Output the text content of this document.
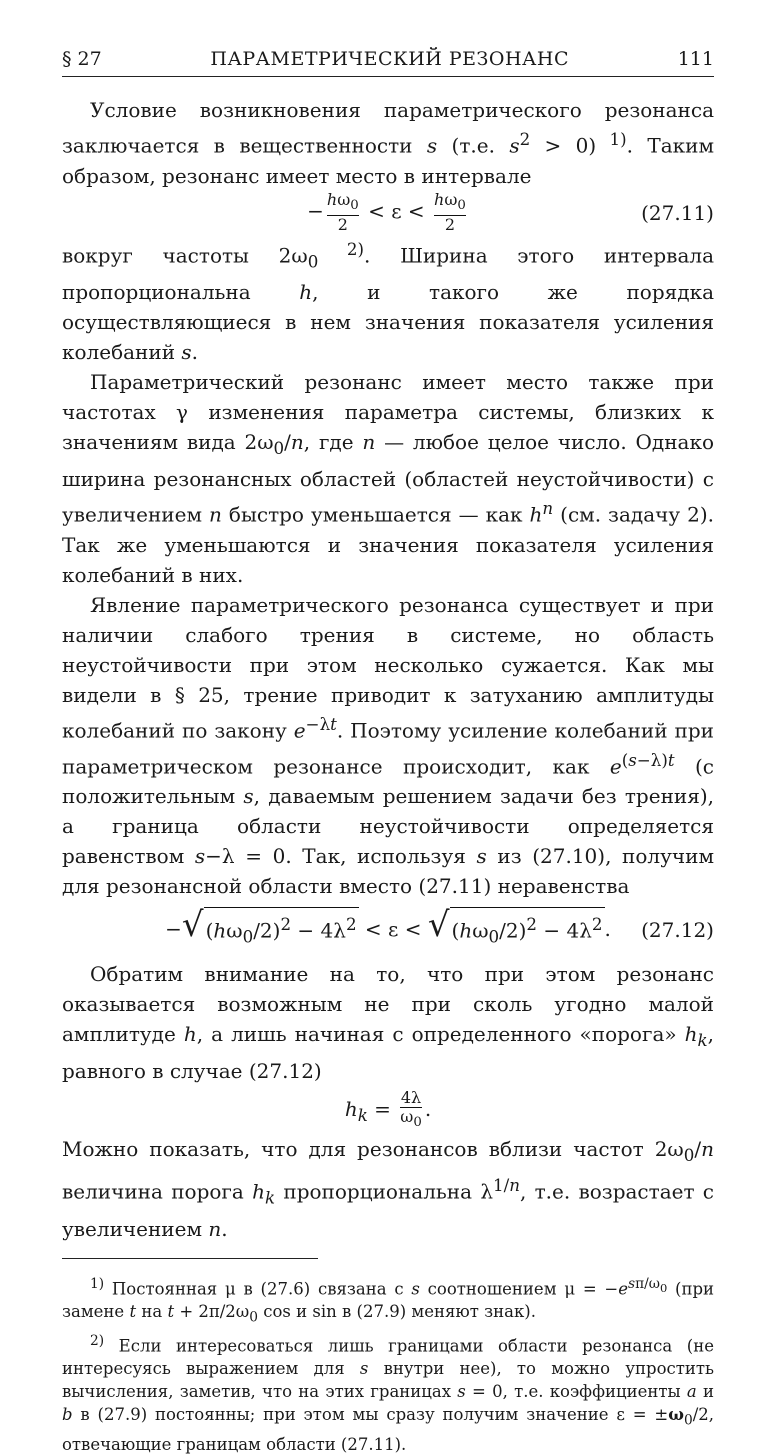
§ 27	ПАРАМЕТРИЧЕСКИЙ РЕЗОНАНС	111

Условие возникновения параметрического резонанса заключается в вещественности s (т.е. $s^2 > 0$) $^{1)}$. Таким образом, резонанс имеет место в интервале

− $\frac{h\omega_0}{2} < \varepsilon < \frac{h\omega_0}{2}$	(27.11)

вокруг частоты $2\omega_0$ $^{2)}$. Ширина этого интервала пропорциональна h, и такого же порядка осуществляющиеся в нем значения показателя усиления колебаний s.

Параметрический резонанс имеет место также при частотах γ изменения параметра системы, близких к значениям вида $2\omega_0/n$, где n — любое целое число. Однако ширина резонансных областей (областей неустойчивости) с увеличением n быстро уменьшается — как $h^n$ (см. задачу 2). Так же уменьшаются и значения показателя усиления колебаний в них.

Явление параметрического резонанса существует и при наличии слабого трения в системе, но область неустойчивости при этом несколько сужается. Как мы видели в § 25, трение приводит к затуханию амплитуды колебаний по закону $e^{-\lambda t}$. Поэтому усиление колебаний при параметрическом резонансе происходит, как $e^{(s-\lambda)t}$ (с положительным s, даваемым решением задачи без трения), а граница области неустойчивости определяется равенством s−λ = 0. Так, используя s из (27.10), получим для резонансной области вместо (27.11) неравенства

− √ $(h\omega_0/2)^2 - 4\lambda^2 < \varepsilon$ < √ $(h\omega_0/2)^2 - 4\lambda^2$ . (27.12)

Обратим внимание на то, что при этом резонанс оказывается возможным не при сколь угодно малой амплитуде h, а лишь начиная с определенного «порога» $h_k$, равного в случае (27.12)

$h_k = \frac{4\lambda}{\omega_0}$ .

Можно показать, что для резонансов вблизи частот $2\omega_0/n$ величина порога $h_k$ пропорциональна $\lambda^{1/n}$, т.е. возрастает с увеличением n.

$^{1)}$ Постоянная μ в (27.6) связана с s соотношением $\mu = -e^{s\pi/\omega_0}$ (при замене t на $t + 2\pi/2\omega_0$ cos и sin в (27.9) меняют знак).

$^{2)}$ Если интересоваться лишь границами области резонанса (не интересуясь выражением для s внутри нее), то можно упростить вычисления, заметив, что на этих границах s = 0, т.е. коэффициенты a и b в (27.9) постоянны; при этом мы сразу получим значение $\varepsilon = \pm\omega_0/2$, отвечающие границам области (27.11).
